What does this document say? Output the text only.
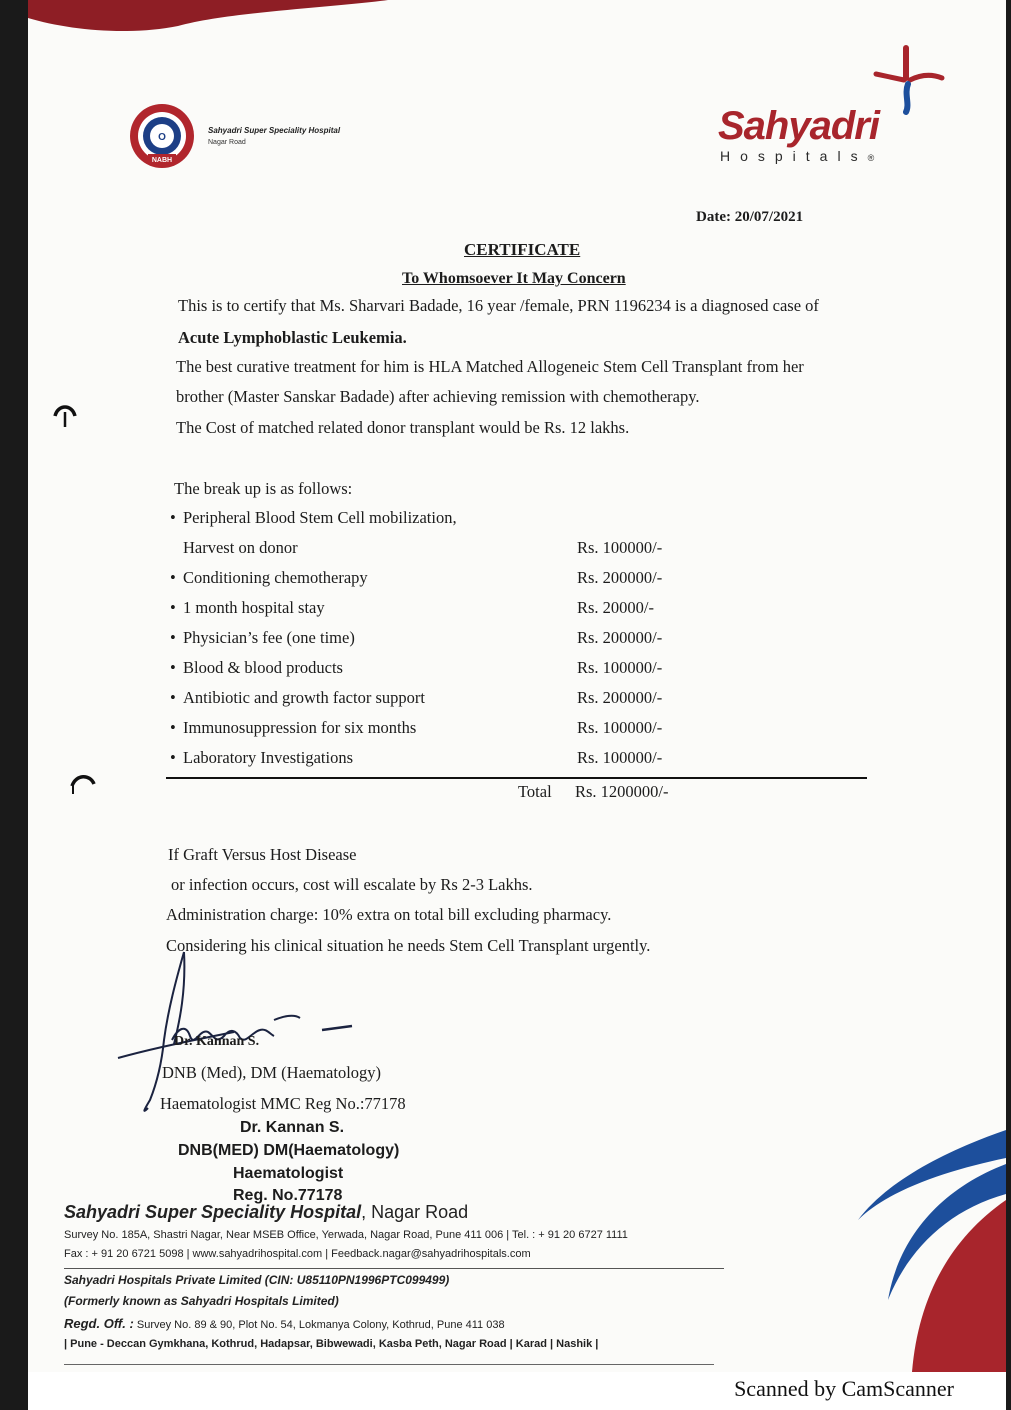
O
NABH
Sahyadri Super Speciality Hospital
Nagar Road	Sahyadri
Hospitals®
Date: 20/07/2021
CERTIFICATE
To Whomsoever It May Concern
This is to certify that Ms. Sharvari Badade, 16 year /female, PRN 1196234 is a diagnosed case of
Acute Lymphoblastic Leukemia.
The best curative treatment for him is HLA Matched Allogeneic Stem Cell Transplant from her
brother (Master Sanskar Badade) after achieving remission with chemotherapy.
The Cost of matched related donor transplant would be Rs. 12 lakhs.
The break up is as follows:
• Peripheral Blood Stem Cell mobilization,
Harvest on donor	Rs. 100000/-
• Conditioning chemotherapy	Rs. 200000/-
• 1 month hospital stay	Rs. 20000/-
• Physician’s fee (one time)	Rs. 200000/-
• Blood & blood products	Rs. 100000/-
• Antibiotic and growth factor support	Rs. 200000/-
• Immunosuppression for six months	Rs. 100000/-
• Laboratory Investigations	Rs. 100000/-
Total Rs. 1200000/-
If Graft Versus Host Disease
or infection occurs, cost will escalate by Rs 2-3 Lakhs.
Administration charge: 10% extra on total bill excluding pharmacy.
Considering his clinical situation he needs Stem Cell Transplant urgently.
Dr. Kannan S.
DNB (Med), DM (Haematology)
Haematologist MMC Reg No.:77178
Dr. Kannan S.
DNB(MED) DM(Haematology)
Haematologist
Reg. No.77178
Sahyadri Super Speciality Hospital, Nagar Road
Survey No. 185A, Shastri Nagar, Near MSEB Office, Yerwada, Nagar Road, Pune 411 006 | Tel. : + 91 20 6727 1111
Fax : + 91 20 6721 5098 | www.sahyadrihospital.com | Feedback.nagar@sahyadrihospitals.com
Sahyadri Hospitals Private Limited (CIN: U85110PN1996PTC099499)
(Formerly known as Sahyadri Hospitals Limited)
Regd. Off. : Survey No. 89 & 90, Plot No. 54, Lokmanya Colony, Kothrud, Pune 411 038
| Pune - Deccan Gymkhana, Kothrud, Hadapsar, Bibwewadi, Kasba Peth, Nagar Road | Karad | Nashik |
Scanned by CamScanner
